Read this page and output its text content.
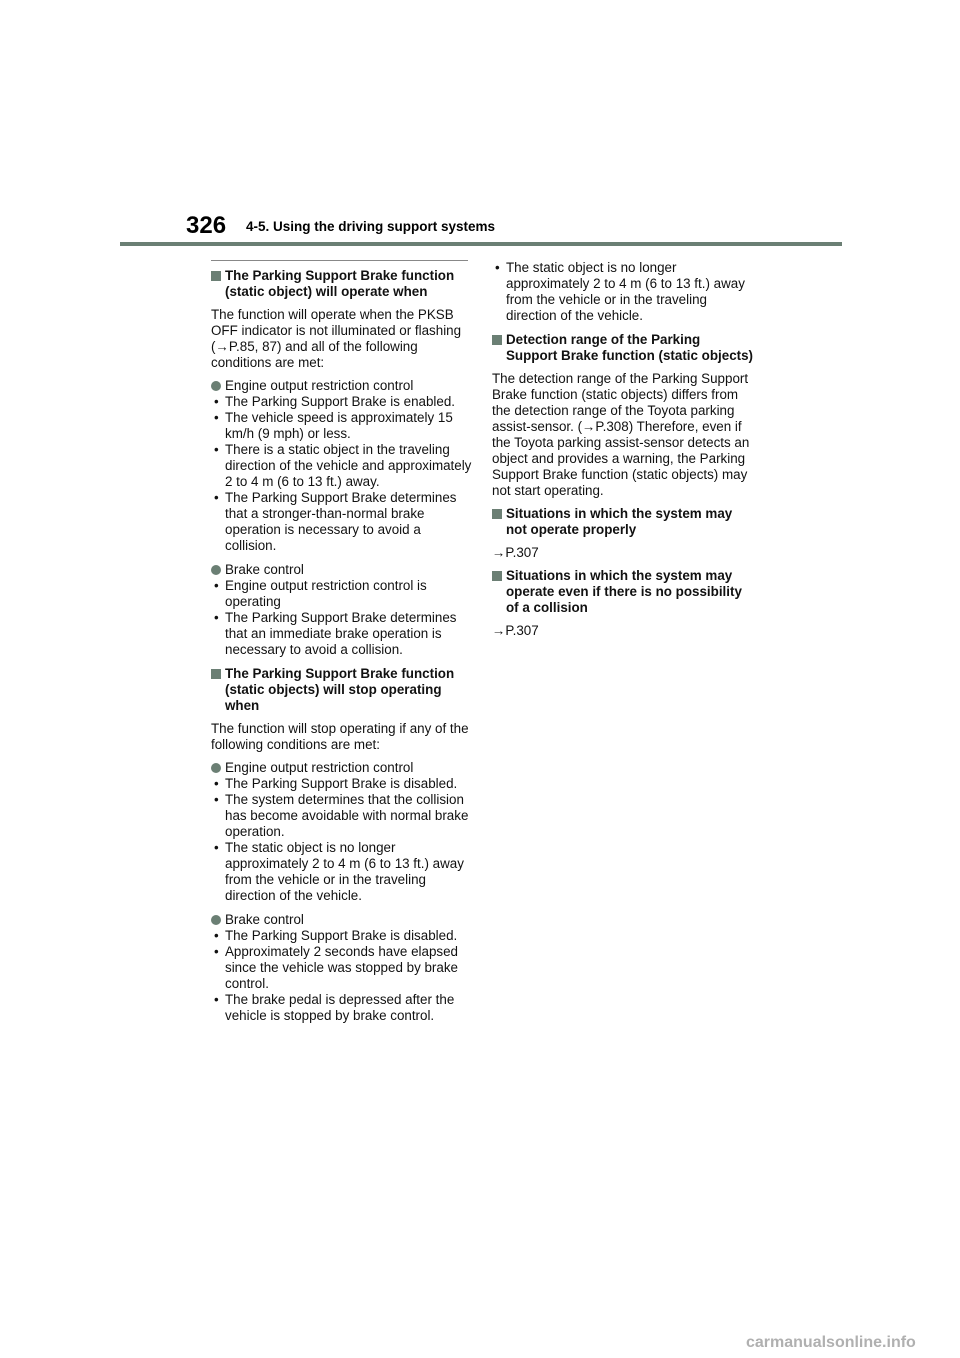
326 4-5. Using the driving support systems
The Parking Support Brake function (static object) will operate when

The function will operate when the PKSB OFF indicator is not illuminated or flashing (→P.85, 87) and all of the following conditions are met:

Engine output restriction control
• The Parking Support Brake is enabled.
• The vehicle speed is approximately 15 km/h (9 mph) or less.
• There is a static object in the traveling direction of the vehicle and approximately 2 to 4 m (6 to 13 ft.) away.
• The Parking Support Brake determines that a stronger-than-normal brake operation is necessary to avoid a collision.
Brake control
• Engine output restriction control is operating
• The Parking Support Brake determines that an immediate brake operation is necessary to avoid a collision.
The Parking Support Brake function (static objects) will stop operating when

The function will stop operating if any of the following conditions are met:

Engine output restriction control
• The Parking Support Brake is disabled.
• The system determines that the collision has become avoidable with normal brake operation.
• The static object is no longer approximately 2 to 4 m (6 to 13 ft.) away from the vehicle or in the traveling direction of the vehicle.
Brake control
• The Parking Support Brake is disabled.
• Approximately 2 seconds have elapsed since the vehicle was stopped by brake control.
• The brake pedal is depressed after the vehicle is stopped by brake control.
• The static object is no longer approximately 2 to 4 m (6 to 13 ft.) away from the vehicle or in the traveling direction of the vehicle.
Detection range of the Parking Support Brake function (static objects)

The detection range of the Parking Support Brake function (static objects) differs from the detection range of the Toyota parking assist-sensor. (→P.308) Therefore, even if the Toyota parking assist-sensor detects an object and provides a warning, the Parking Support Brake function (static objects) may not start operating.

Situations in which the system may not operate properly

→P.307

Situations in which the system may operate even if there is no possibility of a collision

→P.307

carmanualsonline.info
